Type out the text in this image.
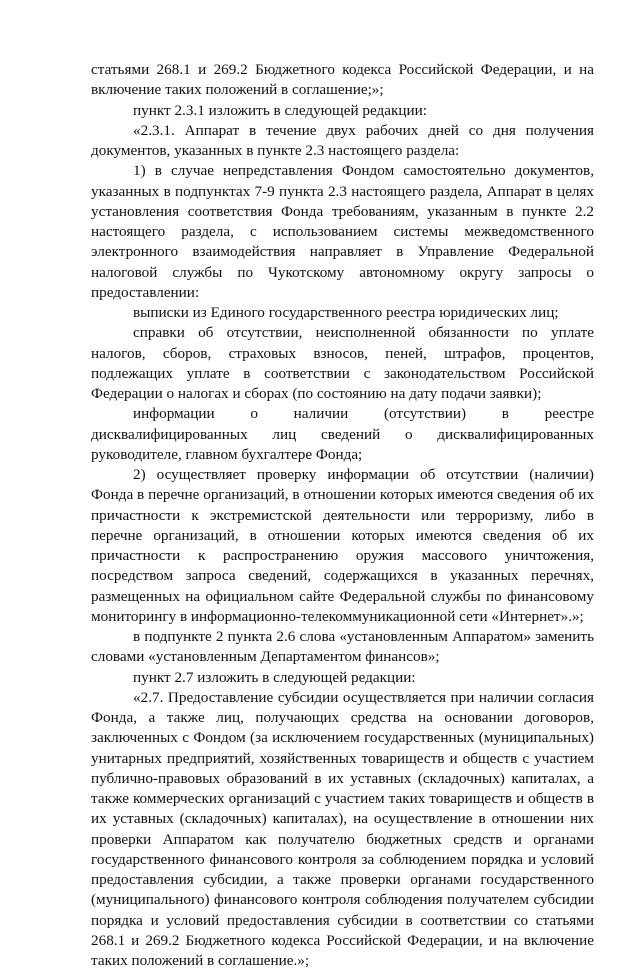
статьями 268.1 и 269.2 Бюджетного кодекса Российской Федерации, и на включение таких положений в соглашение;»;

пункт 2.3.1 изложить в следующей редакции:

«2.3.1. Аппарат в течение двух рабочих дней со дня получения документов, указанных в пункте 2.3 настоящего раздела:

1) в случае непредставления Фондом самостоятельно документов, указанных в подпунктах 7-9 пункта 2.3 настоящего раздела, Аппарат в целях установления соответствия Фонда требованиям, указанным в пункте 2.2 настоящего раздела, с использованием системы межведомственного электронного взаимодействия направляет в Управление Федеральной налоговой службы по Чукотскому автономному округу запросы о предоставлении:

выписки из Единого государственного реестра юридических лиц;

справки об отсутствии, неисполненной обязанности по уплате налогов, сборов, страховых взносов, пеней, штрафов, процентов, подлежащих уплате в соответствии с законодательством Российской Федерации о налогах и сборах (по состоянию на дату подачи заявки);

информации о наличии (отсутствии) в реестре дисквалифицированных лиц сведений о дисквалифицированных руководителе, главном бухгалтере Фонда;

2) осуществляет проверку информации об отсутствии (наличии) Фонда в перечне организаций, в отношении которых имеются сведения об их причастности к экстремистской деятельности или терроризму, либо в перечне организаций, в отношении которых имеются сведения об их причастности к распространению оружия массового уничтожения, посредством запроса сведений, содержащихся в указанных перечнях, размещенных на официальном сайте Федеральной службы по финансовому мониторингу в информационно-телекоммуникационной сети «Интернет».»;

в подпункте 2 пункта 2.6 слова «установленным Аппаратом» заменить словами «установленным Департаментом финансов»;

пункт 2.7 изложить в следующей редакции:

«2.7. Предоставление субсидии осуществляется при наличии согласия Фонда, а также лиц, получающих средства на основании договоров, заключенных с Фондом (за исключением государственных (муниципальных) унитарных предприятий, хозяйственных товариществ и обществ с участием публично-правовых образований в их уставных (складочных) капиталах, а также коммерческих организаций с участием таких товариществ и обществ в их уставных (складочных) капиталах), на осуществление в отношении них проверки Аппаратом как получателю бюджетных средств и органами государственного финансового контроля за соблюдением порядка и условий предоставления субсидии, а также проверки органами государственного (муниципального) финансового контроля соблюдения получателем субсидии порядка и условий предоставления субсидии в соответствии со статьями 268.1 и 269.2 Бюджетного кодекса Российской Федерации, и на включение таких положений в соглашение.»;
